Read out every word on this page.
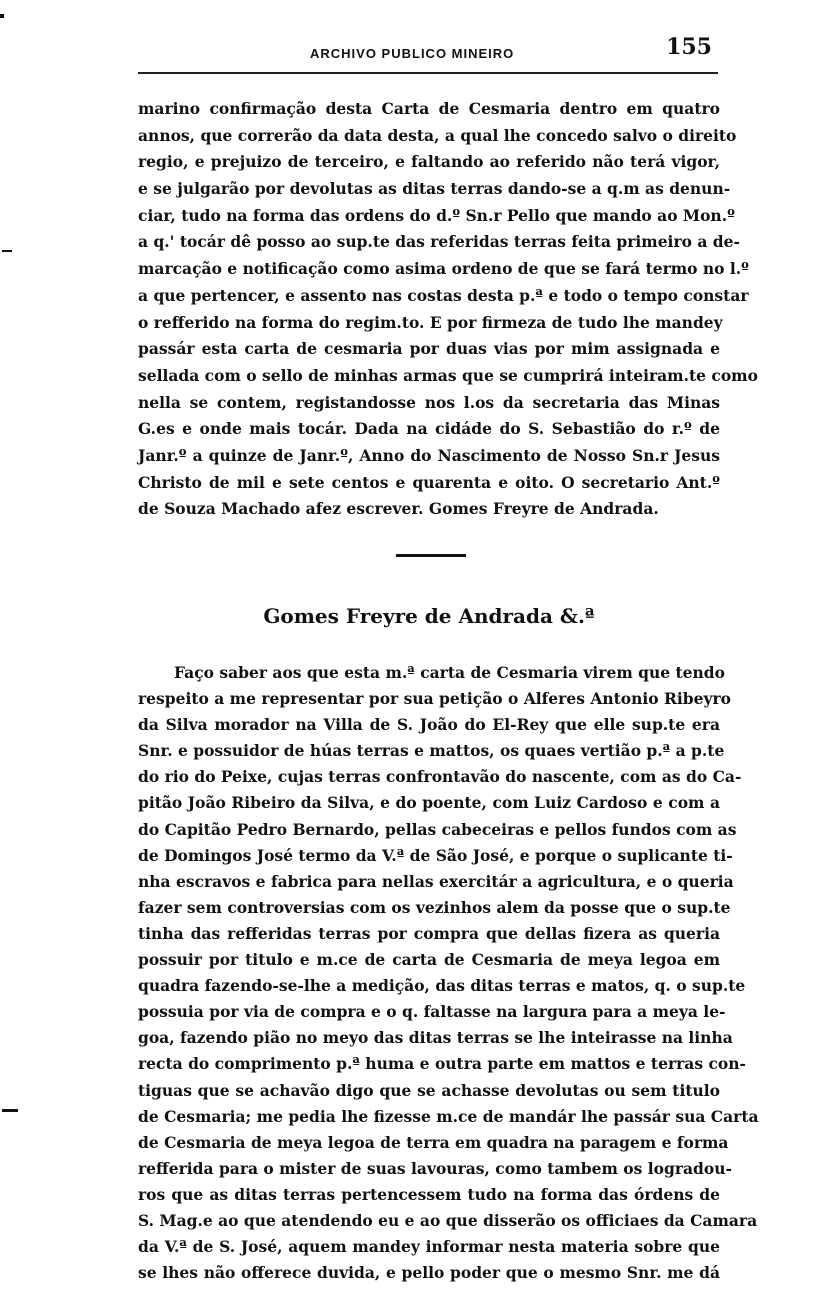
ARCHIVO PUBLICO MINEIRO	155
marino confirmação desta Carta de Cesmaria dentro em quatro
annos, que correrão da data desta, a qual lhe concedo salvo o direito
regio, e prejuizo de terceiro, e faltando ao referido não terá vigor,
e se julgarão por devolutas as ditas terras dando-se a q.m as denun-
ciar, tudo na forma das ordens do d.º Sn.r Pello que mando ao Mon.º
a q.' tocár dê posso ao sup.te das referidas terras feita primeiro a de-
marcação e notificação como asima ordeno de que se fará termo no l.º
a que pertencer, e assento nas costas desta p.ª e todo o tempo constar
o refferido na forma do regim.to. E por firmeza de tudo lhe mandey
passár esta carta de cesmaria por duas vias por mim assignada e
sellada com o sello de minhas armas que se cumprirá inteiram.te como
nella se contem, registandosse nos l.os da secretaria das Minas
G.es e onde mais tocár. Dada na cidáde do S. Sebastião do r.º de
Janr.º a quinze de Janr.º, Anno do Nascimento de Nosso Sn.r Jesus
Christo de mil e sete centos e quarenta e oito. O secretario Ant.º
de Souza Machado afez escrever. Gomes Freyre de Andrada.
Gomes Freyre de Andrada &.ª
Faço saber aos que esta m.ª carta de Cesmaria virem que tendo
respeito a me representar por sua petição o Alferes Antonio Ribeyro
da Silva morador na Villa de S. João do El-Rey que elle sup.te era
Snr. e possuidor de húas terras e mattos, os quaes vertião p.ª a p.te
do rio do Peixe, cujas terras confrontavão do nascente, com as do Ca-
pitão João Ribeiro da Silva, e do poente, com Luiz Cardoso e com a
do Capitão Pedro Bernardo, pellas cabeceiras e pellos fundos com as
de Domingos José termo da V.ª de São José, e porque o suplicante ti-
nha escravos e fabrica para nellas exercitár a agricultura, e o queria
fazer sem controversias com os vezinhos alem da posse que o sup.te
tinha das refferidas terras por compra que dellas fizera as queria
possuir por titulo e m.ce de carta de Cesmaria de meya legoa em
quadra fazendo-se-lhe a medição, das ditas terras e matos, q. o sup.te
possuia por via de compra e o q. faltasse na largura para a meya le-
goa, fazendo pião no meyo das ditas terras se lhe inteirasse na linha
recta do comprimento p.ª huma e outra parte em mattos e terras con-
tiguas que se achavão digo que se achasse devolutas ou sem titulo
de Cesmaria; me pedia lhe fizesse m.ce de mandár lhe passár sua Carta
de Cesmaria de meya legoa de terra em quadra na paragem e forma
refferida para o mister de suas lavouras, como tambem os logradou-
ros que as ditas terras pertencessem tudo na forma das órdens de
S. Mag.e ao que atendendo eu e ao que disserão os officiaes da Camara
da V.ª de S. José, aquem mandey informar nesta materia sobre que
se lhes não offerece duvida, e pello poder que o mesmo Snr. me dá
